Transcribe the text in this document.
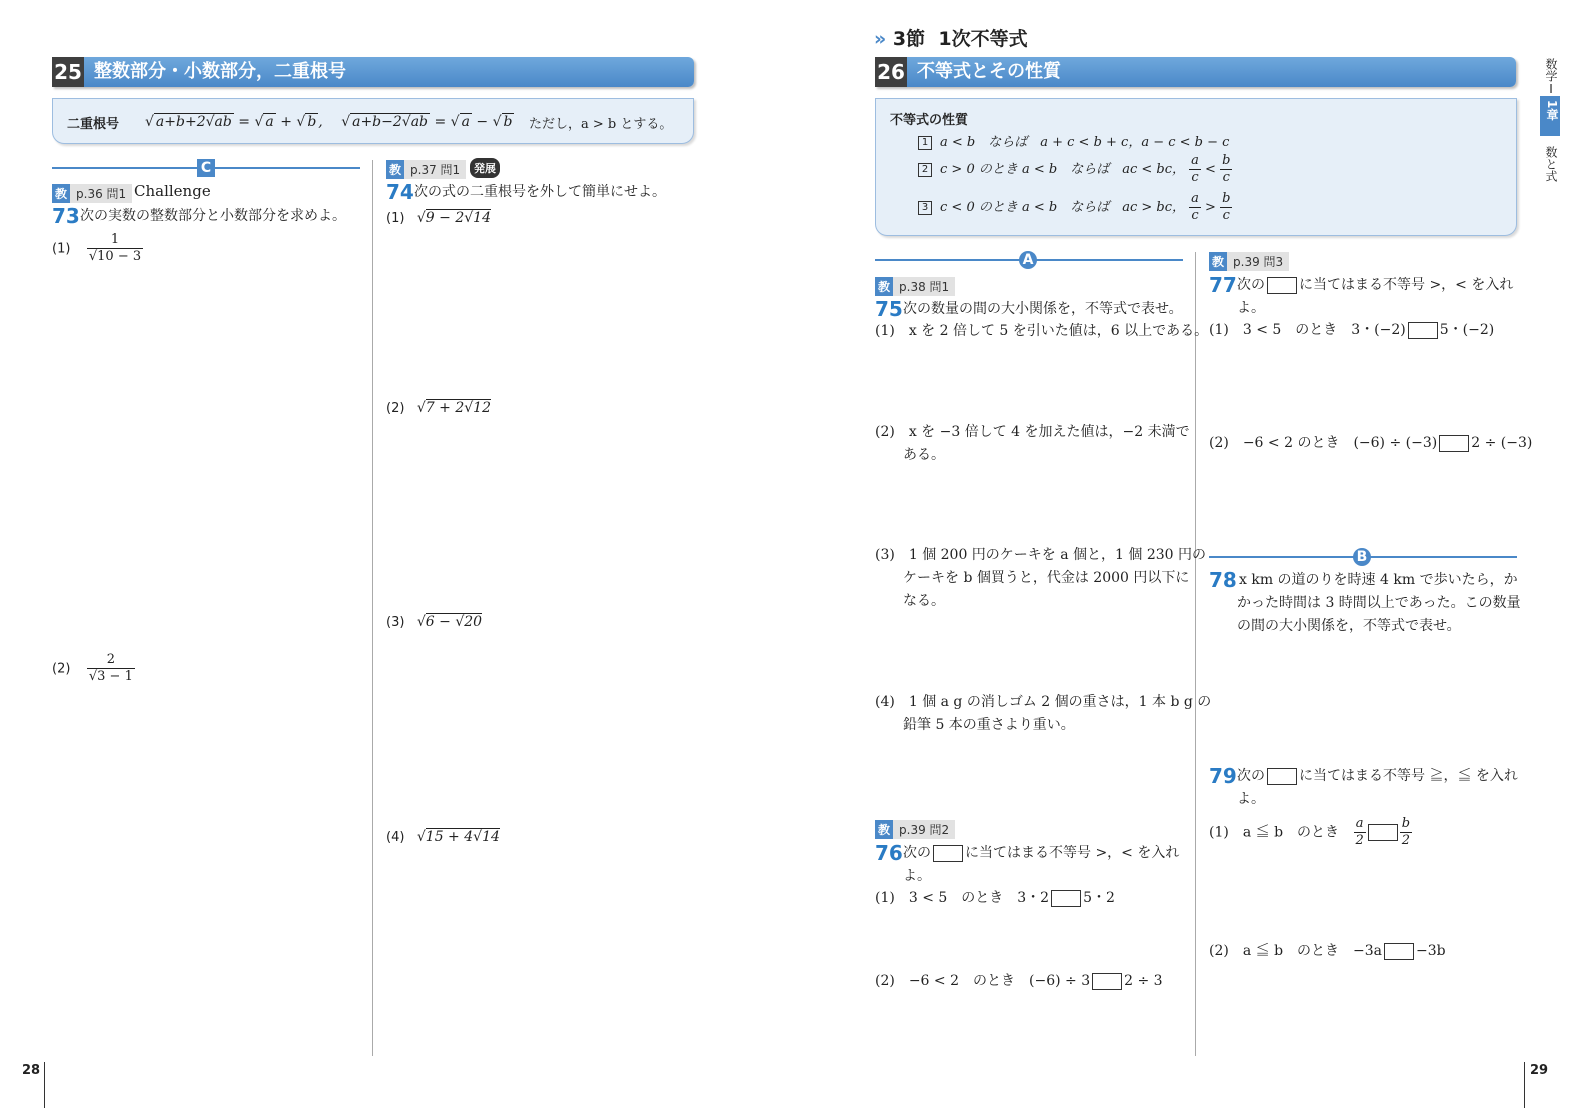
25 整数部分・小数部分，二重根号
二重根号 √ a+b+2√ab = √ a + √ b ,　 √ a+b−2√ab = √ a − √ b ただし，a > b とする。
C
教 p.36 問1 Challenge
73 次の実数の整数部分と小数部分を求めよ。
$(1) \frac{1}{√10 - 3}$
$(2) \frac{2}{√3 - 1}$
教 p.37 問1	発展
74 次の式の二重根号を外して簡単にせよ。
(1) √9 − 2√14
(2) √7 + 2√12
(3) √6 − √20
(4) √15 + 4√14
28
» 3節 1次不等式
26 不等式とその性質
不等式の性質
1 a < b　ならば　a + c < b + c，a − c < b − c
2 c > 0 のとき a < b　ならば　ac < bc， $\frac{a}{c} < \frac{b}{c}$
3 c < 0 のとき a < b　ならば　ac > bc， $\frac{a}{c} > \frac{b}{c}$
A
教 p.38 問1
75 次の数量の間の大小関係を，不等式で表せ。
(1)　x を 2 倍して 5 を引いた値は，6 以上である。
(2)　x を −3 倍して 4 を加えた値は，−2 未満で
ある。
(3)　1 個 200 円のケーキを a 個と，1 個 230 円の
ケーキを b 個買うと，代金は 2000 円以下に
なる。
(4)　1 個 a g の消しゴム 2 個の重さは，1 本 b g の
鉛筆 5 本の重さより重い。
教 p.39 問2
76 次の に当てはまる不等号 >，< を入れ
よ。
(1)　3 < 5　のとき　3・2 5・2
(2)　−6 < 2　のとき　(−6) ÷ 3 2 ÷ 3
教 p.39 問3
77 次の に当てはまる不等号 >，< を入れ
よ。
(1)　3 < 5　のとき　3・(−2) 5・(−2)
(2)　−6 < 2 のとき　(−6) ÷ (−3) 2 ÷ (−3)
B
78 x km の道のりを時速 4 km で歩いたら，か
かった時間は 3 時間以上であった。この数量
の間の大小関係を，不等式で表せ。
79 次の に当てはまる不等号 ≧，≦ を入れ
よ。
(1)　a ≦ b　のとき $\frac{a}{2}$	$\frac{b}{2}$
(2)　a ≦ b　のとき　−3a −3b
数学Ⅰ
1章
数と式
29
